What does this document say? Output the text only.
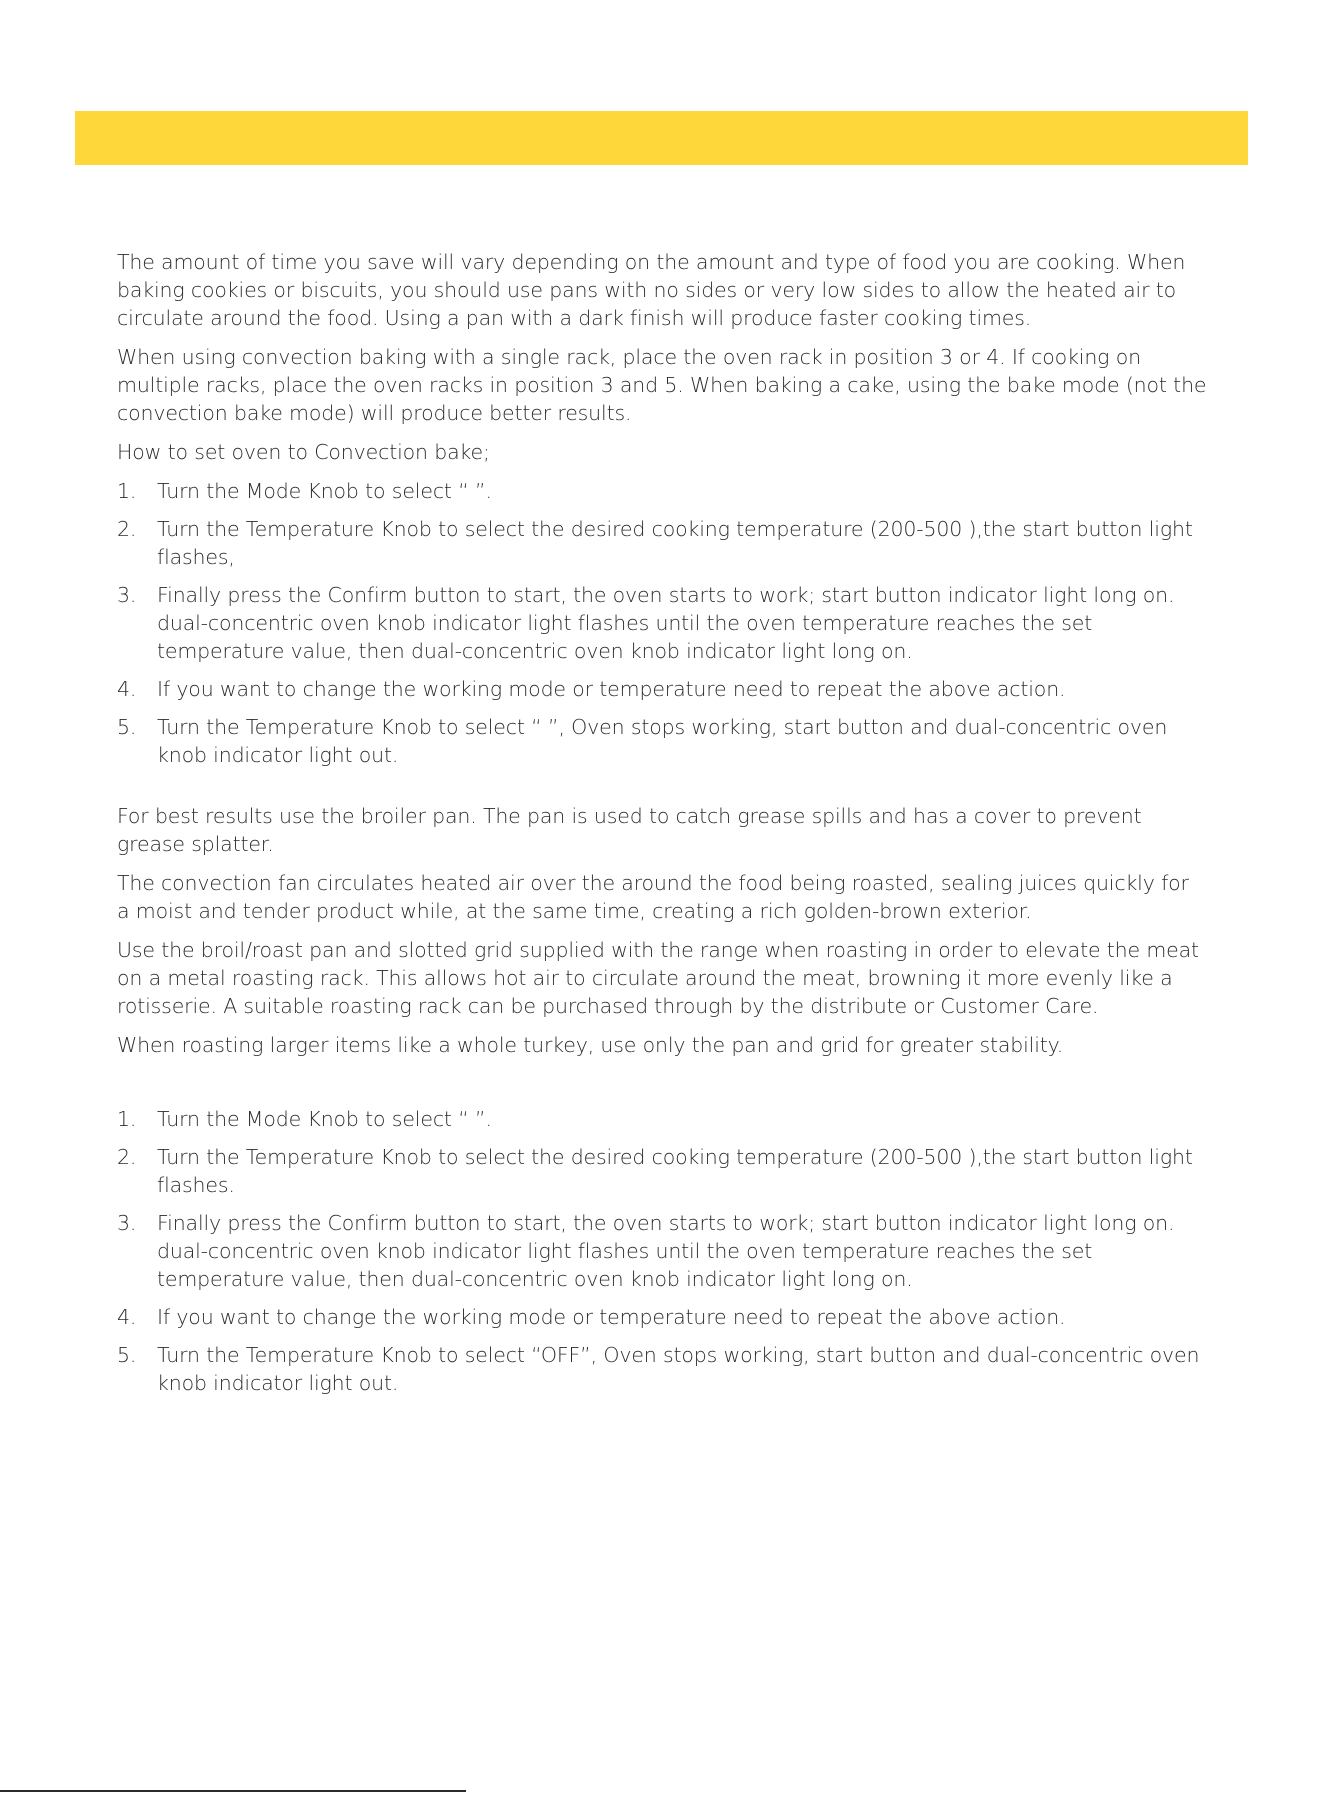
The amount of time you save will vary depending on the amount and type of food you are cooking. When baking cookies or biscuits, you should use pans with no sides or very low sides to allow the heated air to circulate around the food. Using a pan with a dark finish will produce faster cooking times.

When using convection baking with a single rack, place the oven rack in position 3 or 4. If cooking on multiple racks, place the oven racks in position 3 and 5. When baking a cake, using the bake mode (not the convection bake mode) will produce better results.

How to set oven to Convection bake;

1. Turn the Mode Knob to select “ ”.
2. Turn the Temperature Knob to select the desired cooking temperature (200-500 ),the start button light flashes,
3. Finally press the Confirm button to start, the oven starts to work; start button indicator light long on. dual-concentric oven knob indicator light flashes until the oven temperature reaches the set temperature value, then dual-concentric oven knob indicator light long on.
4. If you want to change the working mode or temperature need to repeat the above action.
5. Turn the Temperature Knob to select “ ”, Oven stops working, start button and dual-concentric oven knob indicator light out.

For best results use the broiler pan. The pan is used to catch grease spills and has a cover to prevent grease splatter.

The convection fan circulates heated air over the around the food being roasted, sealing juices quickly for a moist and tender product while, at the same time, creating a rich golden-brown exterior.

Use the broil/roast pan and slotted grid supplied with the range when roasting in order to elevate the meat on a metal roasting rack. This allows hot air to circulate around the meat, browning it more evenly like a rotisserie. A suitable roasting rack can be purchased through by the distribute or Customer Care.

When roasting larger items like a whole turkey, use only the pan and grid for greater stability.

1. Turn the Mode Knob to select “ ”.
2. Turn the Temperature Knob to select the desired cooking temperature (200-500 ),the start button light flashes.
3. Finally press the Confirm button to start, the oven starts to work; start button indicator light long on. dual-concentric oven knob indicator light flashes until the oven temperature reaches the set temperature value, then dual-concentric oven knob indicator light long on.
4. If you want to change the working mode or temperature need to repeat the above action.
5. Turn the Temperature Knob to select “OFF”, Oven stops working, start button and dual-concentric oven knob indicator light out.
